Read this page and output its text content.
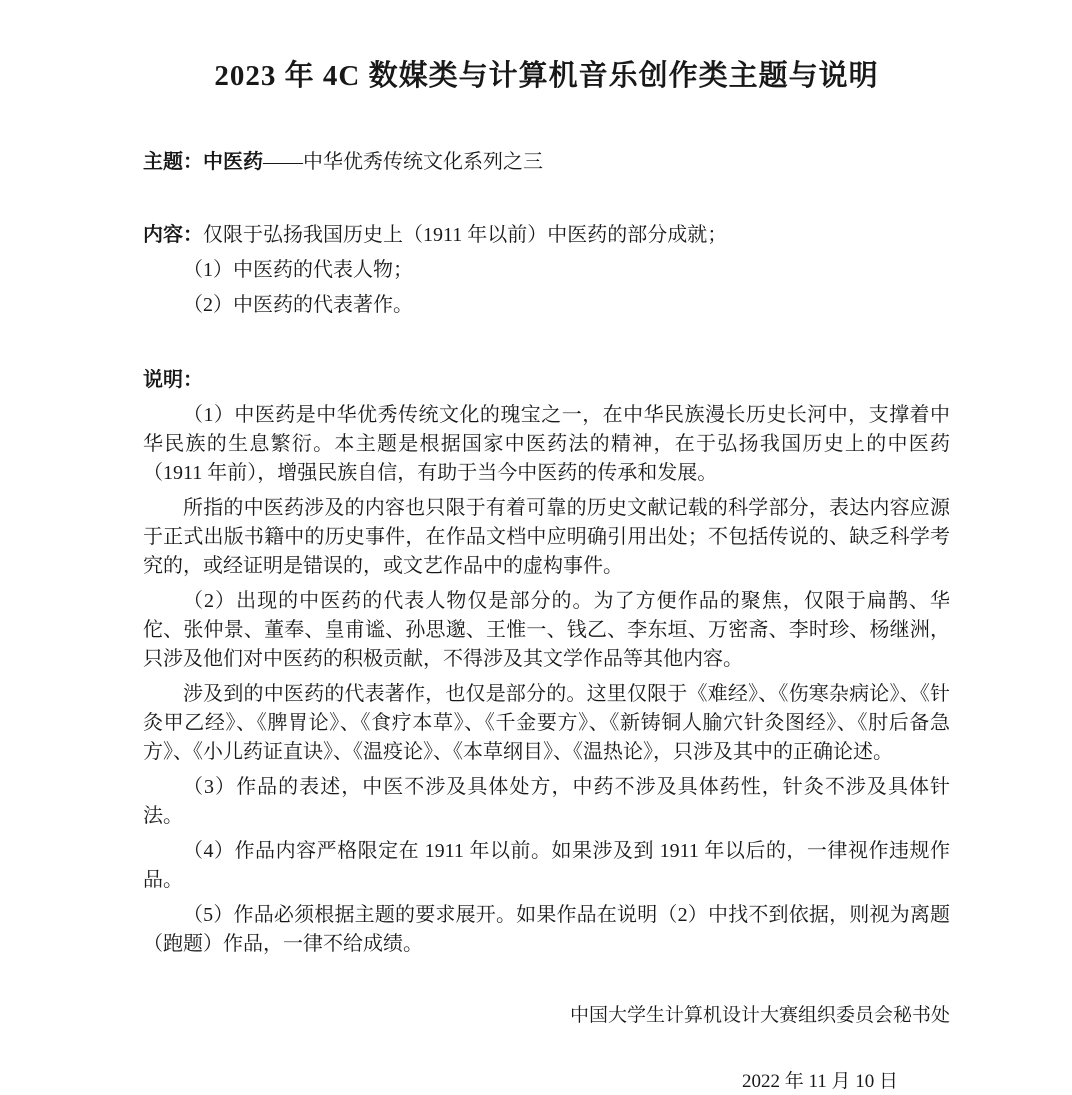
2023 年 4C 数媒类与计算机音乐创作类主题与说明

主题：中医药——中华优秀传统文化系列之三

内容：仅限于弘扬我国历史上（1911 年以前）中医药的部分成就；

（1）中医药的代表人物；

（2）中医药的代表著作。

说明：

（1）中医药是中华优秀传统文化的瑰宝之一，在中华民族漫长历史长河中，支撑着中华民族的生息繁衍。本主题是根据国家中医药法的精神，在于弘扬我国历史上的中医药（1911 年前），增强民族自信，有助于当今中医药的传承和发展。

所指的中医药涉及的内容也只限于有着可靠的历史文献记载的科学部分，表达内容应源于正式出版书籍中的历史事件，在作品文档中应明确引用出处；不包括传说的、缺乏科学考究的，或经证明是错误的，或文艺作品中的虚构事件。

（2）出现的中医药的代表人物仅是部分的。为了方便作品的聚焦，仅限于扁鹊、华佗、张仲景、董奉、皇甫谧、孙思邈、王惟一、钱乙、李东垣、万密斋、李时珍、杨继洲，只涉及他们对中医药的积极贡献，不得涉及其文学作品等其他内容。

涉及到的中医药的代表著作，也仅是部分的。这里仅限于《难经》、《伤寒杂病论》、《针灸甲乙经》、《脾胃论》、《食疗本草》、《千金要方》、《新铸铜人腧穴针灸图经》、《肘后备急方》、《小儿药证直诀》、《温疫论》、《本草纲目》、《温热论》，只涉及其中的正确论述。

（3）作品的表述，中医不涉及具体处方，中药不涉及具体药性，针灸不涉及具体针法。

（4）作品内容严格限定在 1911 年以前。如果涉及到 1911 年以后的，一律视作违规作品。

（5）作品必须根据主题的要求展开。如果作品在说明（2）中找不到依据，则视为离题（跑题）作品，一律不给成绩。

中国大学生计算机设计大赛组织委员会秘书处

2022 年 11 月 10 日
